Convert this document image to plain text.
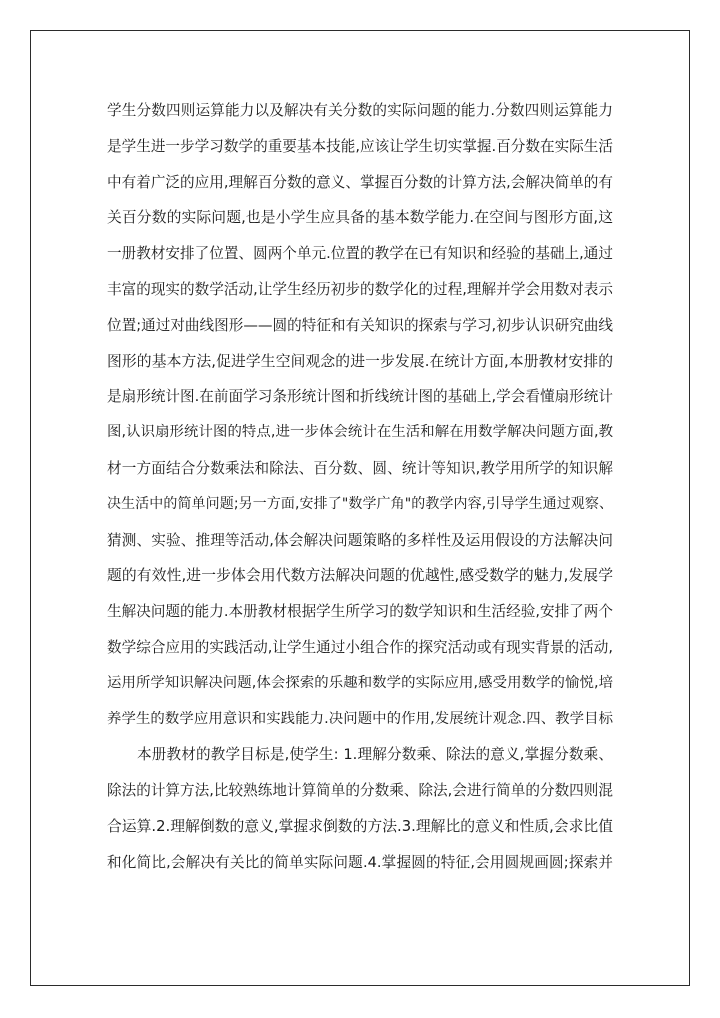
学生分数四则运算能力以及解决有关分数的实际问题的能力.分数四则运算能力
是学生进一步学习数学的重要基本技能,应该让学生切实掌握.百分数在实际生活
中有着广泛的应用,理解百分数的意义、掌握百分数的计算方法,会解决简单的有
关百分数的实际问题,也是小学生应具备的基本数学能力.在空间与图形方面,这
一册教材安排了位置、圆两个单元.位置的教学在已有知识和经验的基础上,通过
丰富的现实的数学活动,让学生经历初步的数学化的过程,理解并学会用数对表示
位置;通过对曲线图形——圆的特征和有关知识的探索与学习,初步认识研究曲线
图形的基本方法,促进学生空间观念的进一步发展.在统计方面,本册教材安排的
是扇形统计图.在前面学习条形统计图和折线统计图的基础上,学会看懂扇形统计
图,认识扇形统计图的特点,进一步体会统计在生活和解在用数学解决问题方面,教
材一方面结合分数乘法和除法、百分数、圆、统计等知识,教学用所学的知识解
决生活中的简单问题;另一方面,安排了"数学广角"的教学内容,引导学生通过观察、
猜测、实验、推理等活动,体会解决问题策略的多样性及运用假设的方法解决问
题的有效性,进一步体会用代数方法解决问题的优越性,感受数学的魅力,发展学
生解决问题的能力.本册教材根据学生所学习的数学知识和生活经验,安排了两个
数学综合应用的实践活动,让学生通过小组合作的探究活动或有现实背景的活动,
运用所学知识解决问题,体会探索的乐趣和数学的实际应用,感受用数学的愉悦,培
养学生的数学应用意识和实践能力.决问题中的作用,发展统计观念.四、教学目标
本册教材的教学目标是,使学生: 1.理解分数乘、除法的意义,掌握分数乘、
除法的计算方法,比较熟练地计算简单的分数乘、除法,会进行简单的分数四则混
合运算.2.理解倒数的意义,掌握求倒数的方法.3.理解比的意义和性质,会求比值
和化简比,会解决有关比的简单实际问题.4.掌握圆的特征,会用圆规画圆;探索并
